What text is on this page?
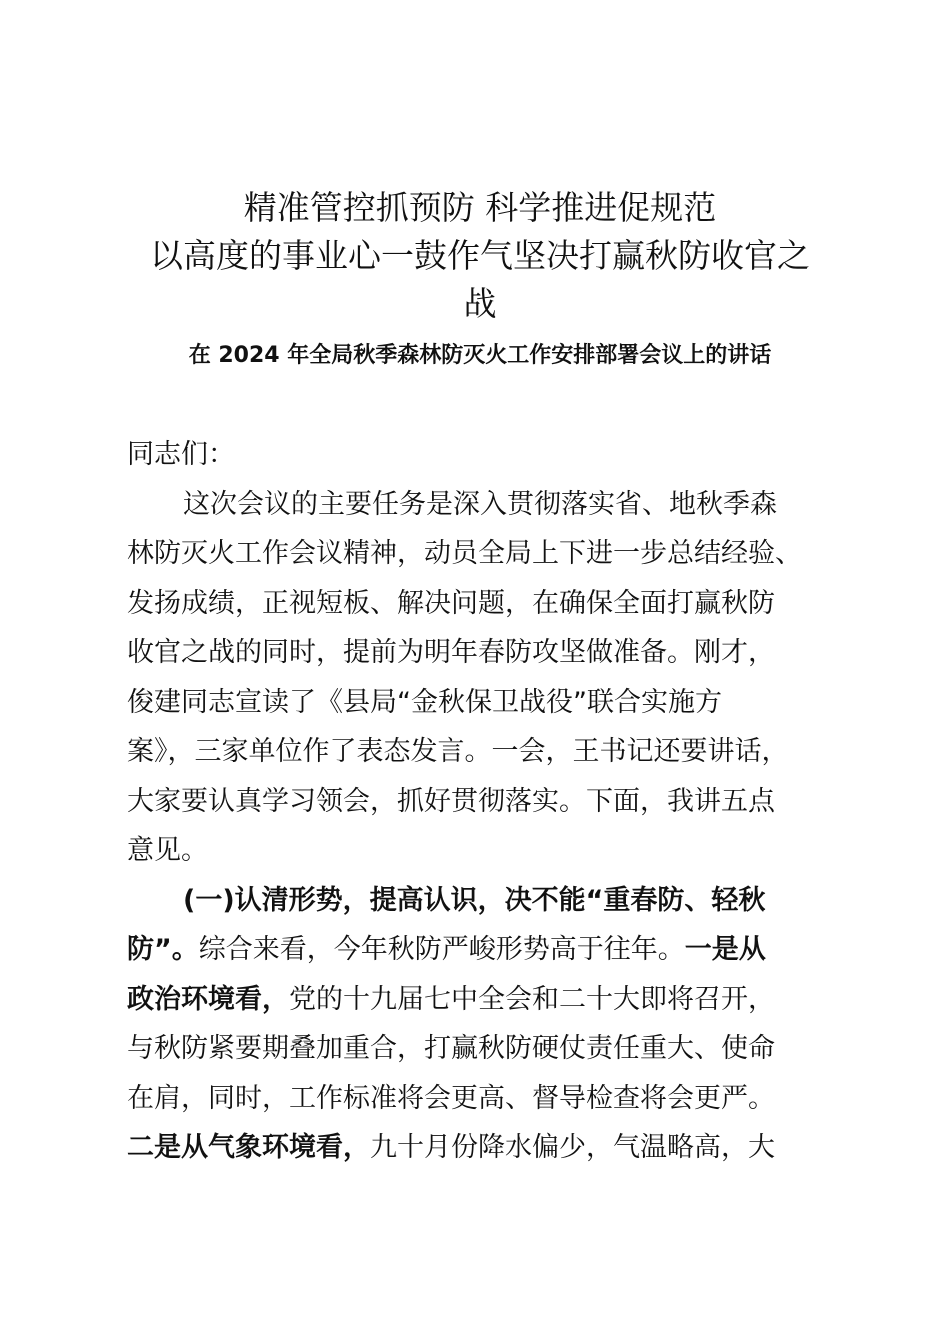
精准管控抓预防 科学推进促规范
以高度的事业心一鼓作气坚决打赢秋防收官之
战
在 2024 年全局秋季森林防灭火工作安排部署会议上的讲话
同志们：
这次会议的主要任务是深入贯彻落实省、地秋季森
林防灭火工作会议精神，动员全局上下进一步总结经验、
发扬成绩，正视短板、解决问题，在确保全面打赢秋防
收官之战的同时，提前为明年春防攻坚做准备。刚才，
俊建同志宣读了《县局“金秋保卫战役”联合实施方
案》，三家单位作了表态发言。一会，王书记还要讲话，
大家要认真学习领会，抓好贯彻落实。下面，我讲五点
意见。
(一)认清形势，提高认识，决不能“重春防、轻秋
防”。综合来看，今年秋防严峻形势高于往年。一是从
政治环境看，党的十九届七中全会和二十大即将召开，
与秋防紧要期叠加重合，打赢秋防硬仗责任重大、使命
在肩，同时，工作标准将会更高、督导检查将会更严。
二是从气象环境看，九十月份降水偏少，气温略高，大
